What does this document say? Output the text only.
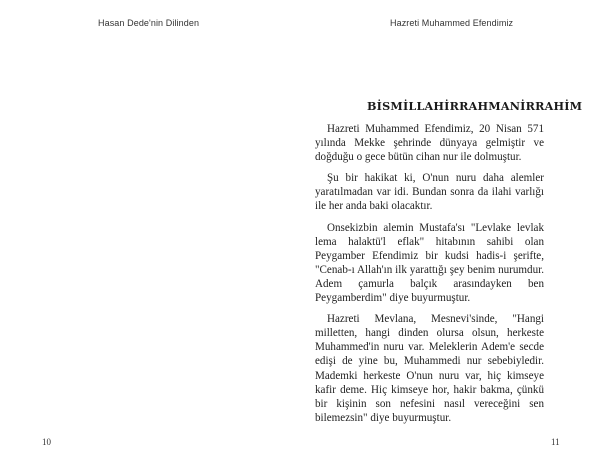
Hasan Dede'nin Dilinden
10
Hazreti Muhammed Efendimiz
BİSMİLLAHİRRAHMANİRRAHİM

Hazreti Muhammed Efendimiz, 20 Nisan 571 yılında Mekke şehrinde dünyaya gelmiştir ve doğduğu o gece bütün cihan nur ile dolmuştur.

Şu bir hakikat ki, O'nun nuru daha alemler yaratılmadan var idi. Bundan sonra da ilahi varlığı ile her anda baki olacaktır.

Onsekizbin alemin Mustafa'sı "Levlake levlak lema halaktü'l eflak" hitabının sahibi olan Peygamber Efendimiz bir kudsi hadis-i şerifte, "Cenab-ı Allah'ın ilk yarattığı şey benim nurumdur. Adem çamurla balçık arasındayken ben Peygamberdim" diye buyurmuştur.

Hazreti Mevlana, Mesnevi'sinde, "Hangi milletten, hangi dinden olursa olsun, herkeste Muhammed'in nuru var. Meleklerin Adem'e secde edişi de yine bu, Muhammedi nur sebebiyledir. Mademki herkeste O'nun nuru var, hiç kimseye kafir deme. Hiç kimseye hor, hakir bakma, çünkü bir kişinin son nefesini nasıl vereceğini sen bilemezsin" diye buyurmuştur.

11
